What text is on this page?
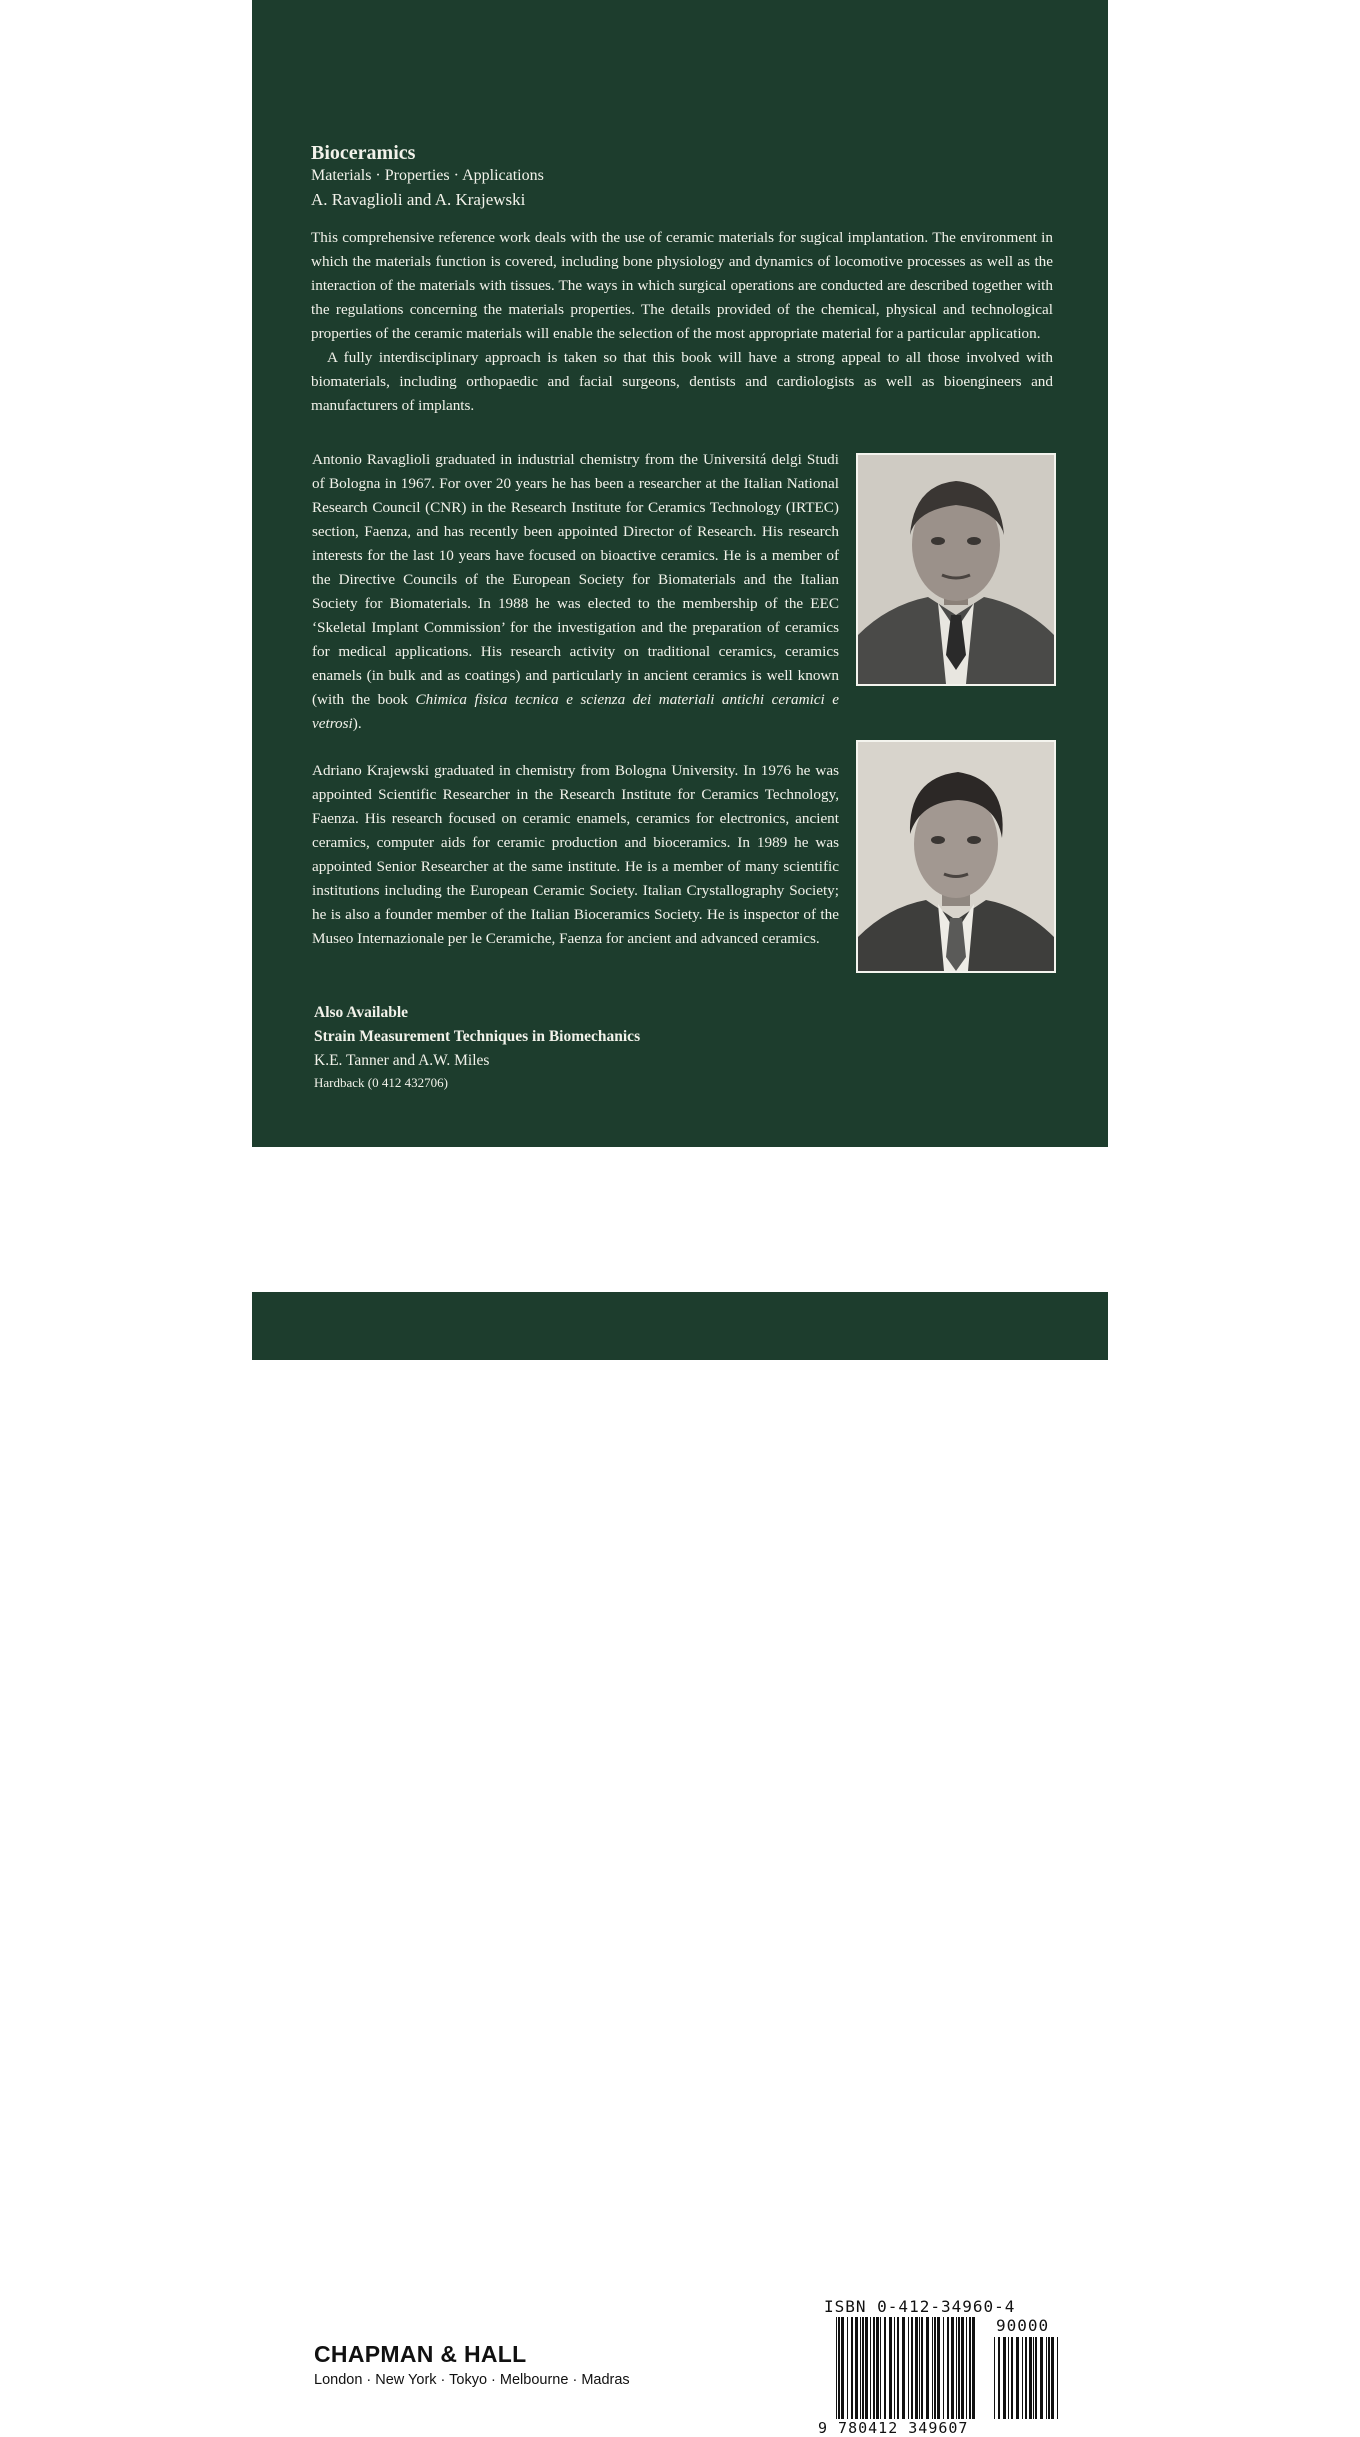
Bioceramics
Materials · Properties · Applications
A. Ravaglioli and A. Krajewski

This comprehensive reference work deals with the use of ceramic materials for sugical implantation. The environment in which the materials function is covered, including bone physiology and dynamics of locomotive processes as well as the interaction of the materials with tissues. The ways in which surgical operations are conducted are described together with the regulations concerning the materials properties. The details provided of the chemical, physical and technological properties of the ceramic materials will enable the selection of the most appropriate material for a particular application.

A fully interdisciplinary approach is taken so that this book will have a strong appeal to all those involved with biomaterials, including orthopaedic and facial surgeons, dentists and cardiologists as well as bioengineers and manufacturers of implants.

Antonio Ravaglioli graduated in industrial chemistry from the Universitá delgi Studi of Bologna in 1967. For over 20 years he has been a researcher at the Italian National Research Council (CNR) in the Research Institute for Ceramics Technology (IRTEC) section, Faenza, and has recently been appointed Director of Research. His research interests for the last 10 years have focused on bioactive ceramics. He is a member of the Directive Councils of the European Society for Biomaterials and the Italian Society for Biomaterials. In 1988 he was elected to the membership of the EEC ‘Skeletal Implant Commission’ for the investigation and the preparation of ceramics for medical applications. His research activity on traditional ceramics, ceramics enamels (in bulk and as coatings) and particularly in ancient ceramics is well known (with the book Chimica fisica tecnica e scienza dei materiali antichi ceramici e vetrosi).
Adriano Krajewski graduated in chemistry from Bologna University. In 1976 he was appointed Scientific Researcher in the Research Institute for Ceramics Technology, Faenza. His research focused on ceramic enamels, ceramics for electronics, ancient ceramics, computer aids for ceramic production and bioceramics. In 1989 he was appointed Senior Researcher at the same institute. He is a member of many scientific institutions including the European Ceramic Society. Italian Crystallography Society; he is also a founder member of the Italian Bioceramics Society. He is inspector of the Museo Internazionale per le Ceramiche, Faenza for ancient and advanced ceramics.
Also Available
Strain Measurement Techniques in Biomechanics
K.E. Tanner and A.W. Miles
Hardback (0 412 432706)
CHAPMAN & HALL
London · New York · Tokyo · Melbourne · Madras
ISBN 0-412-34960-4
90000
9 780412 349607
